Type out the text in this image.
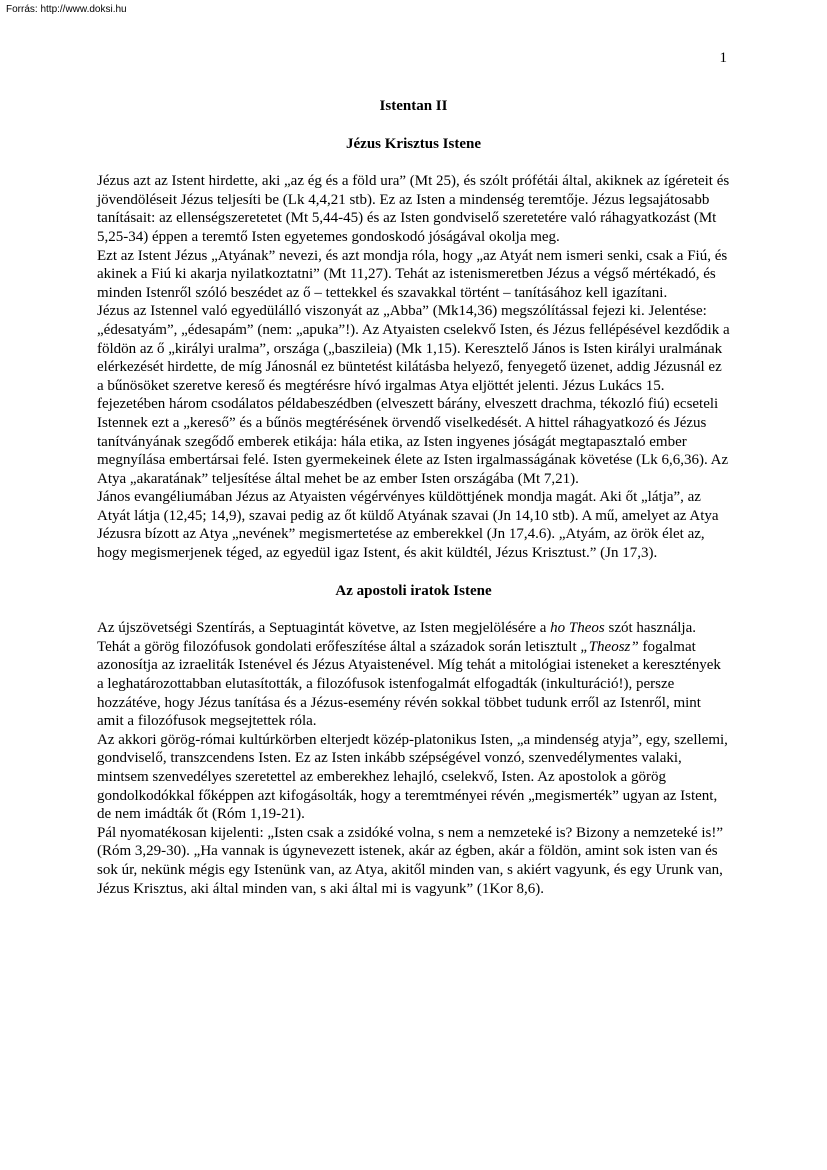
Forrás: http://www.doksi.hu
1

Istentan II

Jézus Krisztus Istene

Jézus azt az Istent hirdette, aki „az ég és a föld ura” (Mt 25), és szólt prófétái által, akiknek az ígéreteit és jövendöléseit Jézus teljesíti be (Lk 4,4,21 stb). Ez az Isten a mindenség teremtője. Jézus legsajátosabb tanításait: az ellenségszeretetet (Mt 5,44-45) és az Isten gondviselő szeretetére való ráhagyatkozást (Mt 5,25-34) éppen a teremtő Isten egyetemes gondoskodó jóságával okolja meg.

Ezt az Istent Jézus „Atyának” nevezi, és azt mondja róla, hogy „az Atyát nem ismeri senki, csak a Fiú, és akinek a Fiú ki akarja nyilatkoztatni” (Mt 11,27). Tehát az istenismeretben Jézus a végső mértékadó, és minden Istenről szóló beszédet az ő – tettekkel és szavakkal történt – tanításához kell igazítani.

Jézus az Istennel való egyedülálló viszonyát az „Abba” (Mk14,36) megszólítással fejezi ki. Jelentése: „édesatyám”, „édesapám” (nem: „apuka”!). Az Atyaisten cselekvő Isten, és Jézus fellépésével kezdődik a földön az ő „királyi uralma”, országa („baszileia) (Mk 1,15). Keresztelő János is Isten királyi uralmának elérkezését hirdette, de míg Jánosnál ez büntetést kilátásba helyező, fenyegető üzenet, addig Jézusnál ez a bűnösöket szeretve kereső és megtérésre hívó irgalmas Atya eljöttét jelenti. Jézus Lukács 15. fejezetében három csodálatos példabeszédben (elveszett bárány, elveszett drachma, tékozló fiú) ecseteli Istennek ezt a „kereső” és a bűnös megtérésének örvendő viselkedését. A hittel ráhagyatkozó és Jézus tanítványának szegődő emberek etikája: hála etika, az Isten ingyenes jóságát megtapasztaló ember megnyílása embertársai felé. Isten gyermekeinek élete az Isten irgalmasságának követése (Lk 6,6,36). Az Atya „akaratának” teljesítése által mehet be az ember Isten országába (Mt 7,21).

János evangéliumában Jézus az Atyaisten végérvényes küldöttjének mondja magát. Aki őt „látja”, az Atyát látja (12,45; 14,9), szavai pedig az őt küldő Atyának szavai (Jn 14,10 stb). A mű, amelyet az Atya Jézusra bízott az Atya „nevének” megismertetése az emberekkel (Jn 17,4.6). „Atyám, az örök élet az, hogy megismerjenek téged, az egyedül igaz Istent, és akit küldtél, Jézus Krisztust.” (Jn 17,3).

Az apostoli iratok Istene

Az újszövetségi Szentírás, a Septuagintát követve, az Isten megjelölésére a ho Theos szót használja. Tehát a görög filozófusok gondolati erőfeszítése által a századok során letisztult „Theosz” fogalmat azonosítja az izraeliták Istenével és Jézus Atyaistenével. Míg tehát a mitológiai isteneket a keresztények a leghatározottabban elutasították, a filozófusok istenfogalmát elfogadták (inkulturáció!), persze hozzátéve, hogy Jézus tanítása és a Jézus-esemény révén sokkal többet tudunk erről az Istenről, mint amit a filozófusok megsejtettek róla.

Az akkori görög-római kultúrkörben elterjedt közép-platonikus Isten, „a mindenség atyja”, egy, szellemi, gondviselő, transzcendens Isten. Ez az Isten inkább szépségével vonzó, szenvedélymentes valaki, mintsem szenvedélyes szeretettel az emberekhez lehajló, cselekvő, Isten. Az apostolok a görög gondolkodókkal főképpen azt kifogásolták, hogy a teremtményei révén „megismerték” ugyan az Istent, de nem imádták őt (Róm 1,19-21).

Pál nyomatékosan kijelenti: „Isten csak a zsidóké volna, s nem a nemzeteké is? Bizony a nemzeteké is!” (Róm 3,29-30). „Ha vannak is úgynevezett istenek, akár az égben, akár a földön, amint sok isten van és sok úr, nekünk mégis egy Istenünk van, az Atya, akitől minden van, s akiért vagyunk, és egy Urunk van, Jézus Krisztus, aki által minden van, s aki által mi is vagyunk” (1Kor 8,6).
